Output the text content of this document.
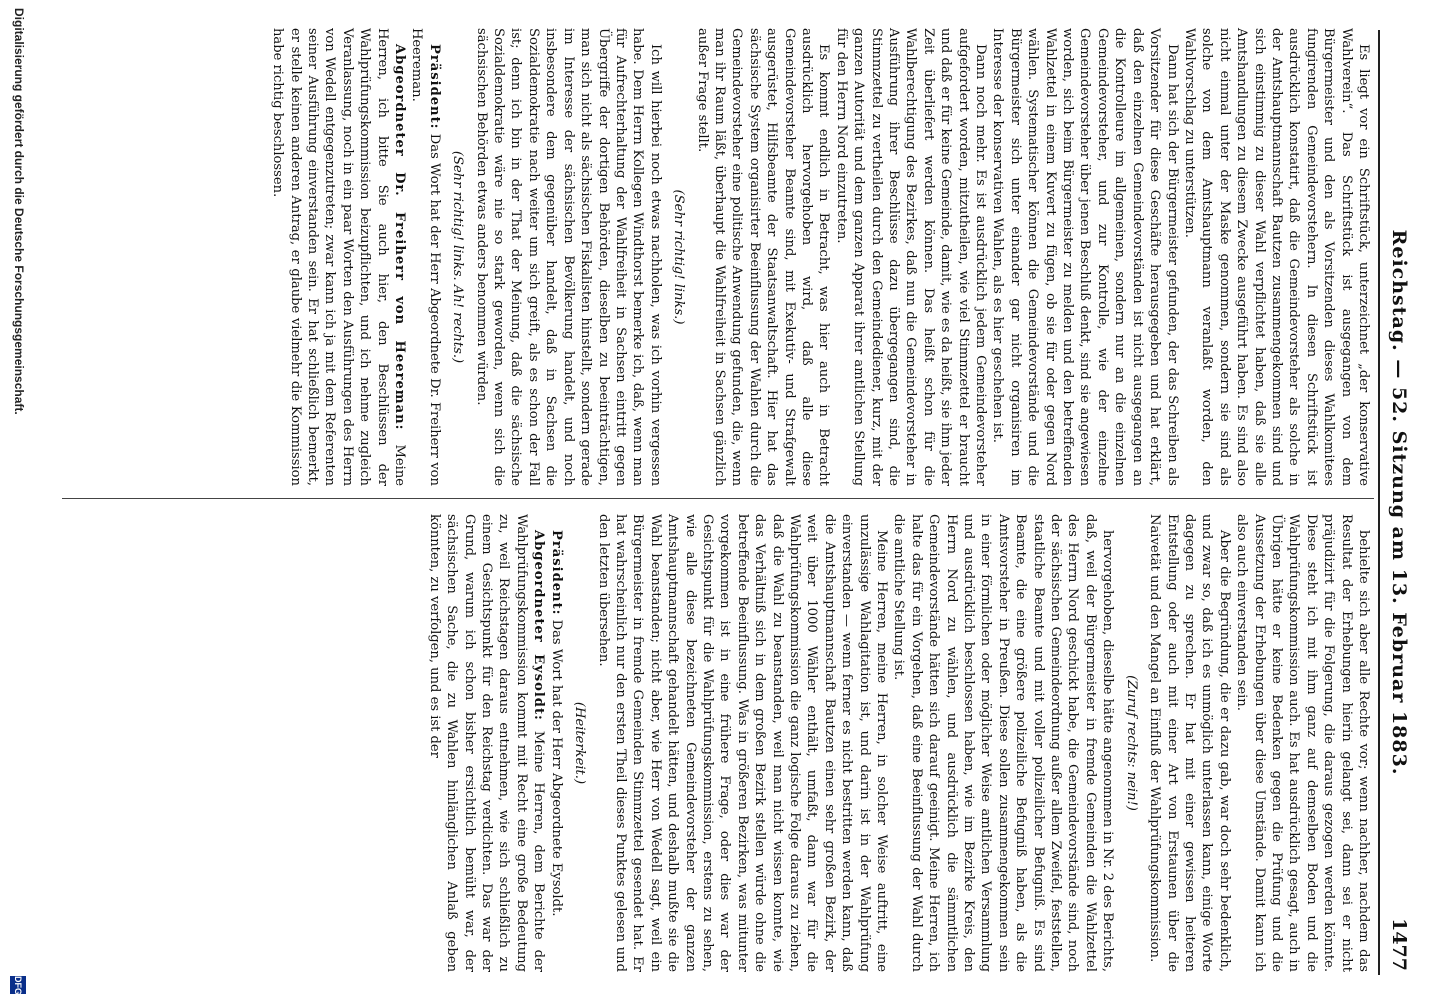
Reichstag. — 52. Sitzung am 13. Februar 1883.
1477

Es liegt vor ein Schriftstück, unterzeichnet „der konservative Wahlverein“. Das Schriftstück ist ausgegangen von dem Bürgermeister und den als Vorsitzenden dieses Wahlkomitees fungirenden Gemeindevorstehern. In diesen Schriftstück ist ausdrücklich konstatirt, daß die Gemeindevorsteher als solche in der Amtshauptmannschaft Bautzen zusammengekommen sind und sich einstimmig zu dieser Wahl verpflichtet haben, daß sie alle Amtshandlungen zu diesem Zwecke ausgeführt haben. Es sind also nicht einmal unter der Maske genommen, sondern sie sind als solche von dem Amtshauptmann veranlaßt worden, den Wahlvorschlag zu unterstützen.

Dann hat sich der Bürgermeister gefunden, der das Schreiben als Vorsitzender für diese Geschäfte herausgegeben und hat erklärt, daß den einzelnen Gemeindevorständen ist nicht ausgegangen an die Kontrolleure im allgemeinen, sondern nur an die einzelnen Gemeindevorsteher, und zur Kontrolle, wie der einzelne Gemeindevorsteher über jenen Beschluß denkt, sind sie angewiesen worden, sich beim Bürgermeister zu melden und den betreffenden Wahlzettel in einem Kuvert zu fügen, ob sie für oder gegen Nord wählen. Systematischer können die Gemeindevorstände und die Bürgermeister sich unter einander gar nicht organisiren im Interesse der konservativen Wahlen, als es hier geschehen ist.

Dann noch mehr. Es ist ausdrücklich jedem Gemeindevorsteher aufgefordert worden, mitzutheilen, wie viel Stimmzettel er braucht und daß er für keine Gemeinde, damit, wie es da heißt, sie ihm jeder Zeit überliefert werden können. Das heißt schon für die Wahlberechtigung des Bezirkes, daß nun die Gemeindevorsteher in Ausführung ihrer Beschlüsse dazu übergegangen sind, die Stimmzettel zu vertheilen durch den Gemeindediener, kurz, mit der ganzen Autorität und dem ganzen Apparat ihrer amtlichen Stellung für den Herrn Nord einzutreten.

Es kommt endlich in Betracht, was hier auch in Betracht ausdrücklich hervorgehoben wird, daß alle diese Gemeindevorsteher Beamte sind, mit Exekutiv- und Strafgewalt ausgerüstet, Hilfsbeamte der Staatsanwaltschaft. Hier hat das sächsische System organisirter Beeinflussung der Wahlen durch die Gemeindevorsteher eine politische Anwendung gefunden, die, wenn man ihr Raum läßt, überhaupt die Wahlfreiheit in Sachsen gänzlich außer Frage stellt.

(Sehr richtig! links.)

Ich will hierbei noch etwas nachholen, was ich vorhin vergessen habe. Dem Herrn Kollegen Windthorst bemerke ich, daß, wenn man für Aufrechterhaltung der Wahlfreiheit in Sachsen eintritt gegen Übergriffe der dortigen Behörden, dieselben zu beeinträchtigen, man sich nicht als sächsischen Fiskalisten hinstellt, sondern gerade im Interesse der sächsischen Bevölkerung handelt, und noch insbesondere dem gegenüber handelt, daß in Sachsen die Sozialdemokratie nach weiter um sich greift, als es schon der Fall ist; denn ich bin in der That der Meinung, daß die sächsische Sozialdemokratie wäre nie so stark geworden, wenn sich die sächsischen Behörden etwas anders benommen würden.

(Sehr richtig! links. Ah! rechts.)

Präsident: Das Wort hat der Herr Abgeordnete Dr. Freiherr von Heereman.

Abgeordneter Dr. Freiherr von Heereman: Meine Herren, ich bitte Sie auch hier, den Beschlüssen der Wahlprüfungskommission beizupflichten, und ich nehme zugleich Veranlassung, noch in ein paar Worten den Ausführungen des Herrn von Wedell entgegenzutreten; zwar kann ich ja mit dem Referenten seiner Ausführung einverstanden sein. Er hat schließlich bemerkt, er stelle keinen anderen Antrag, er glaube vielmehr die Kommission habe richtig beschlossen.

behielte sich aber alle Rechte vor; wenn nachher, nachdem das Resultat der Erhebungen hierin gelangt sei, dann sei er nicht präjudizirt für die Folgerung, die daraus gezogen werden könnte. Diese steht ich mit ihm ganz auf demselben Boden und die Wahlprüfungskommission auch. Es hat ausdrücklich gesagt, auch in Übrigen hätte er keine Bedenken gegen die Prüfung und die Aussetzung der Erhebungen über diese Umstände. Damit kann ich also auch einverstanden sein.

Aber die Begründung, die er dazu gab, war doch sehr bedenklich, und zwar so, daß ich es unmöglich unterlassen kann, einige Worte dagegen zu sprechen. Er hat mit einer gewissen heiteren Entstellung oder auch mit einer Art von Erstaunen über die Naivetät und den Mangel an Einfluß der Wahlprüfungskommission.

(Zuruf rechts: nein!)

hervorgehoben, dieselbe hätte angenommen in Nr. 2 des Berichts, daß, weil der Bürgermeister in fremde Gemeinden die Wahlzettel des Herrn Nord geschickt habe, die Gemeindevorstände sind, noch der sächsischen Gemeindeordnung außer allem Zweifel, feststellen, staatliche Beamte und mit voller polizeilicher Befugniß. Es sind Beamte, die eine größere polizeiliche Befugniß haben, als die Amtsvorsteher in Preußen. Diese sollen zusammengekommen sein in einer förmlichen oder möglicher Weise amtlichen Versammlung und ausdrücklich beschlossen haben, wie im Bezirke Kreis, den Herrn Nord zu wählen, und ausdrücklich die sämmtlichen Gemeindevorstände hätten sich darauf geeinigt. Meine Herren, ich halte das für ein Vorgehen, daß eine Beeinflussung der Wahl durch die amtliche Stellung ist.

Meine Herren, meine Herren, in solcher Weise auftritt, eine unzulässige Wahlagitation ist, und darin ist in der Wahlprüfung einverstanden — wenn ferner es nicht bestritten werden kann, daß die Amtshauptmannschaft Bautzen einen sehr großen Bezirk, der weit über 1000 Wähler enthält, umfaßt, dann war für die Wahlprüfungskommission die ganz logische Folge daraus zu ziehen, daß die Wahl zu beanstanden, weil man nicht wissen konnte, wie das Verhältniß sich in dem großen Bezirk stellen würde ohne die betreffende Beeinflussung. Was in größeren Bezirken, was mitunter vorgekommen ist in eine frühere Frage, oder dies war der Gesichtspunkt für die Wahlprüfungskommission, erstens zu sehen, wie alle diese bezeichneten Gemeindevorsteher der ganzen Amtshauptmannschaft gehandelt hätten, und deshalb mußte sie die Wahl beanstanden; nicht aber, wie Herr von Wedell sagt, weil ein Bürgermeister in fremde Gemeinden Stimmzettel gesendet hat. Er hat wahrscheinlich nur den ersten Theil dieses Punktes gelesen und den letzten übersehen.

(Heiterkeit.)

Präsident: Das Wort hat der Herr Abgeordnete Eysoldt.

Abgeordneter Eysoldt: Meine Herren, dem Berichte der Wahlprüfungskommission kommt mit Recht eine große Bedeutung zu, weil Reichstagen daraus entnehmen, wie sich schließlich zu einem Gesichtspunkt für den Reichstag verdichten. Das war der Grund, warum ich schon bisher ersichtlich bemüht war, der sächsischen Sache, die zu Wahlen hinlänglichen Anlaß geben könnten, zu verfolgen, und es ist der

Digitalisierung gefördert durch die Deutsche Forschungsgemeinschaft.
DFG
